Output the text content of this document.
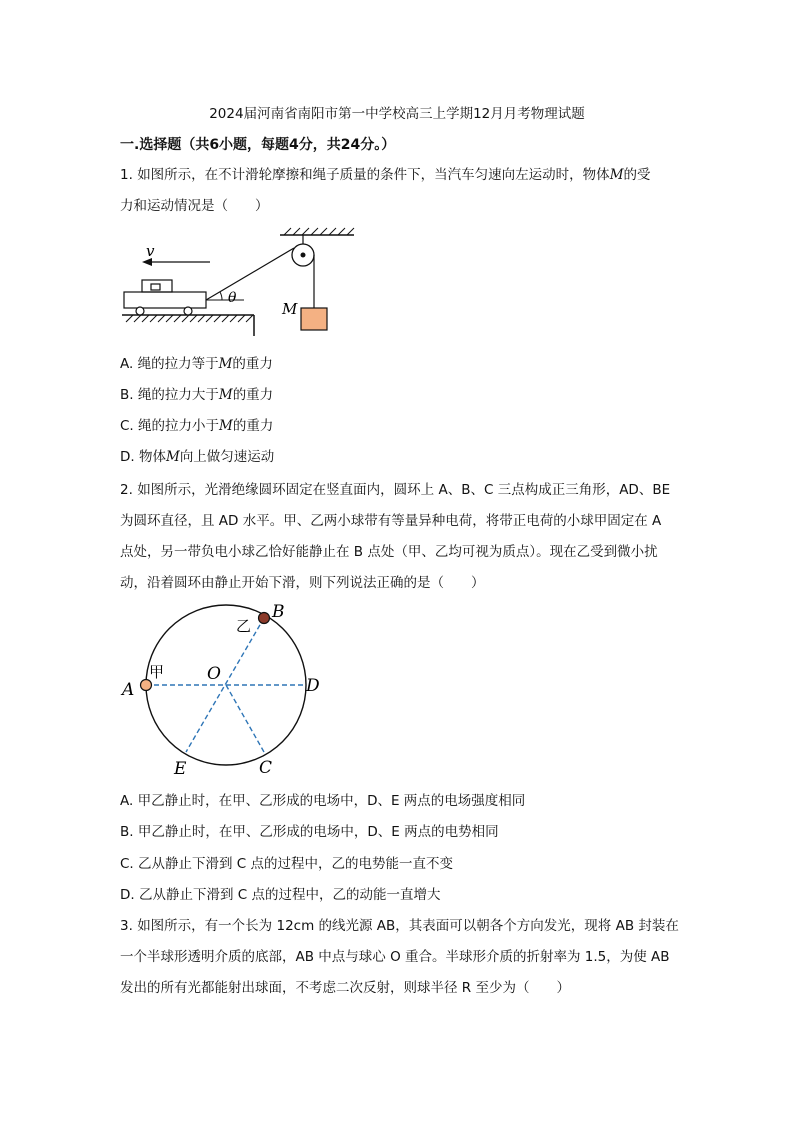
2024届河南省南阳市第一中学校高三上学期12月月考物理试题
一.选择题（共6小题，每题4分，共24分。）
1. 如图所示，在不计滑轮摩擦和绳子质量的条件下，当汽车匀速向左运动时，物体M的受
力和运动情况是（　　）
v
θ
M
A. 绳的拉力等于M的重力
B. 绳的拉力大于M的重力
C. 绳的拉力小于M的重力
D. 物体M向上做匀速运动
2. 如图所示，光滑绝缘圆环固定在竖直面内，圆环上 A、B、C 三点构成正三角形，AD、BE
为圆环直径，且 AD 水平。甲、乙两小球带有等量异种电荷，将带正电荷的小球甲固定在 A
点处，另一带负电小球乙恰好能静止在 B 点处（甲、乙均可视为质点）。现在乙受到微小扰
动，沿着圆环由静止开始下滑，则下列说法正确的是（　　）
A
B
C
D
E
O
甲
乙
A. 甲乙静止时，在甲、乙形成的电场中，D、E 两点的电场强度相同
B. 甲乙静止时，在甲、乙形成的电场中，D、E 两点的电势相同
C. 乙从静止下滑到 C 点的过程中，乙的电势能一直不变
D. 乙从静止下滑到 C 点的过程中，乙的动能一直增大
3. 如图所示，有一个长为 12cm 的线光源 AB，其表面可以朝各个方向发光，现将 AB 封装在
一个半球形透明介质的底部，AB 中点与球心 O 重合。半球形介质的折射率为 1.5，为使 AB
发出的所有光都能射出球面，不考虑二次反射，则球半径 R 至少为（　　）
